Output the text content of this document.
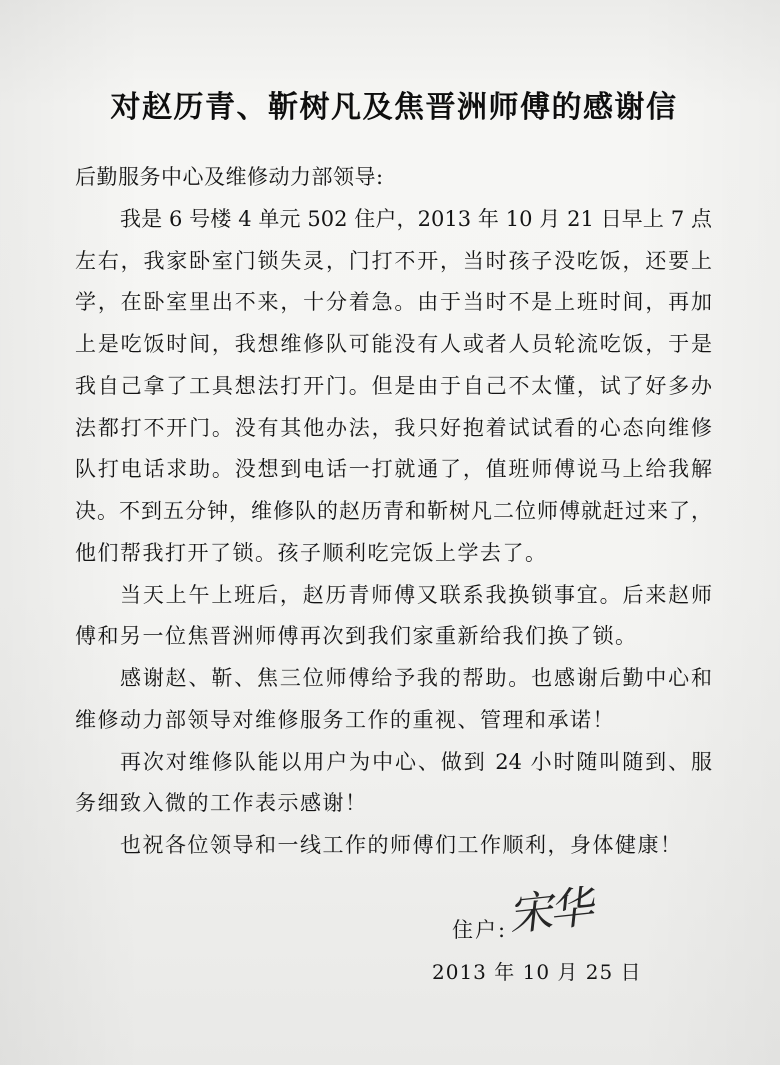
对赵历青、靳树凡及焦晋洲师傅的感谢信
后勤服务中心及维修动力部领导:
我是 6 号楼 4 单元 502 住户，2013 年 10 月 21 日早上 7 点
左右，我家卧室门锁失灵，门打不开，当时孩子没吃饭，还要上
学，在卧室里出不来，十分着急。由于当时不是上班时间，再加
上是吃饭时间，我想维修队可能没有人或者人员轮流吃饭，于是
我自己拿了工具想法打开门。但是由于自己不太懂，试了好多办
法都打不开门。没有其他办法，我只好抱着试试看的心态向维修
队打电话求助。没想到电话一打就通了，值班师傅说马上给我解
决。不到五分钟，维修队的赵历青和靳树凡二位师傅就赶过来了，
他们帮我打开了锁。孩子顺利吃完饭上学去了。
当天上午上班后，赵历青师傅又联系我换锁事宜。后来赵师
傅和另一位焦晋洲师傅再次到我们家重新给我们换了锁。
感谢赵、靳、焦三位师傅给予我的帮助。也感谢后勤中心和
维修动力部领导对维修服务工作的重视、管理和承诺！
再次对维修队能以用户为中心、做到 24 小时随叫随到、服
务细致入微的工作表示感谢！
也祝各位领导和一线工作的师傅们工作顺利，身体健康！
住户: 宋华
2013 年 10 月 25 日
